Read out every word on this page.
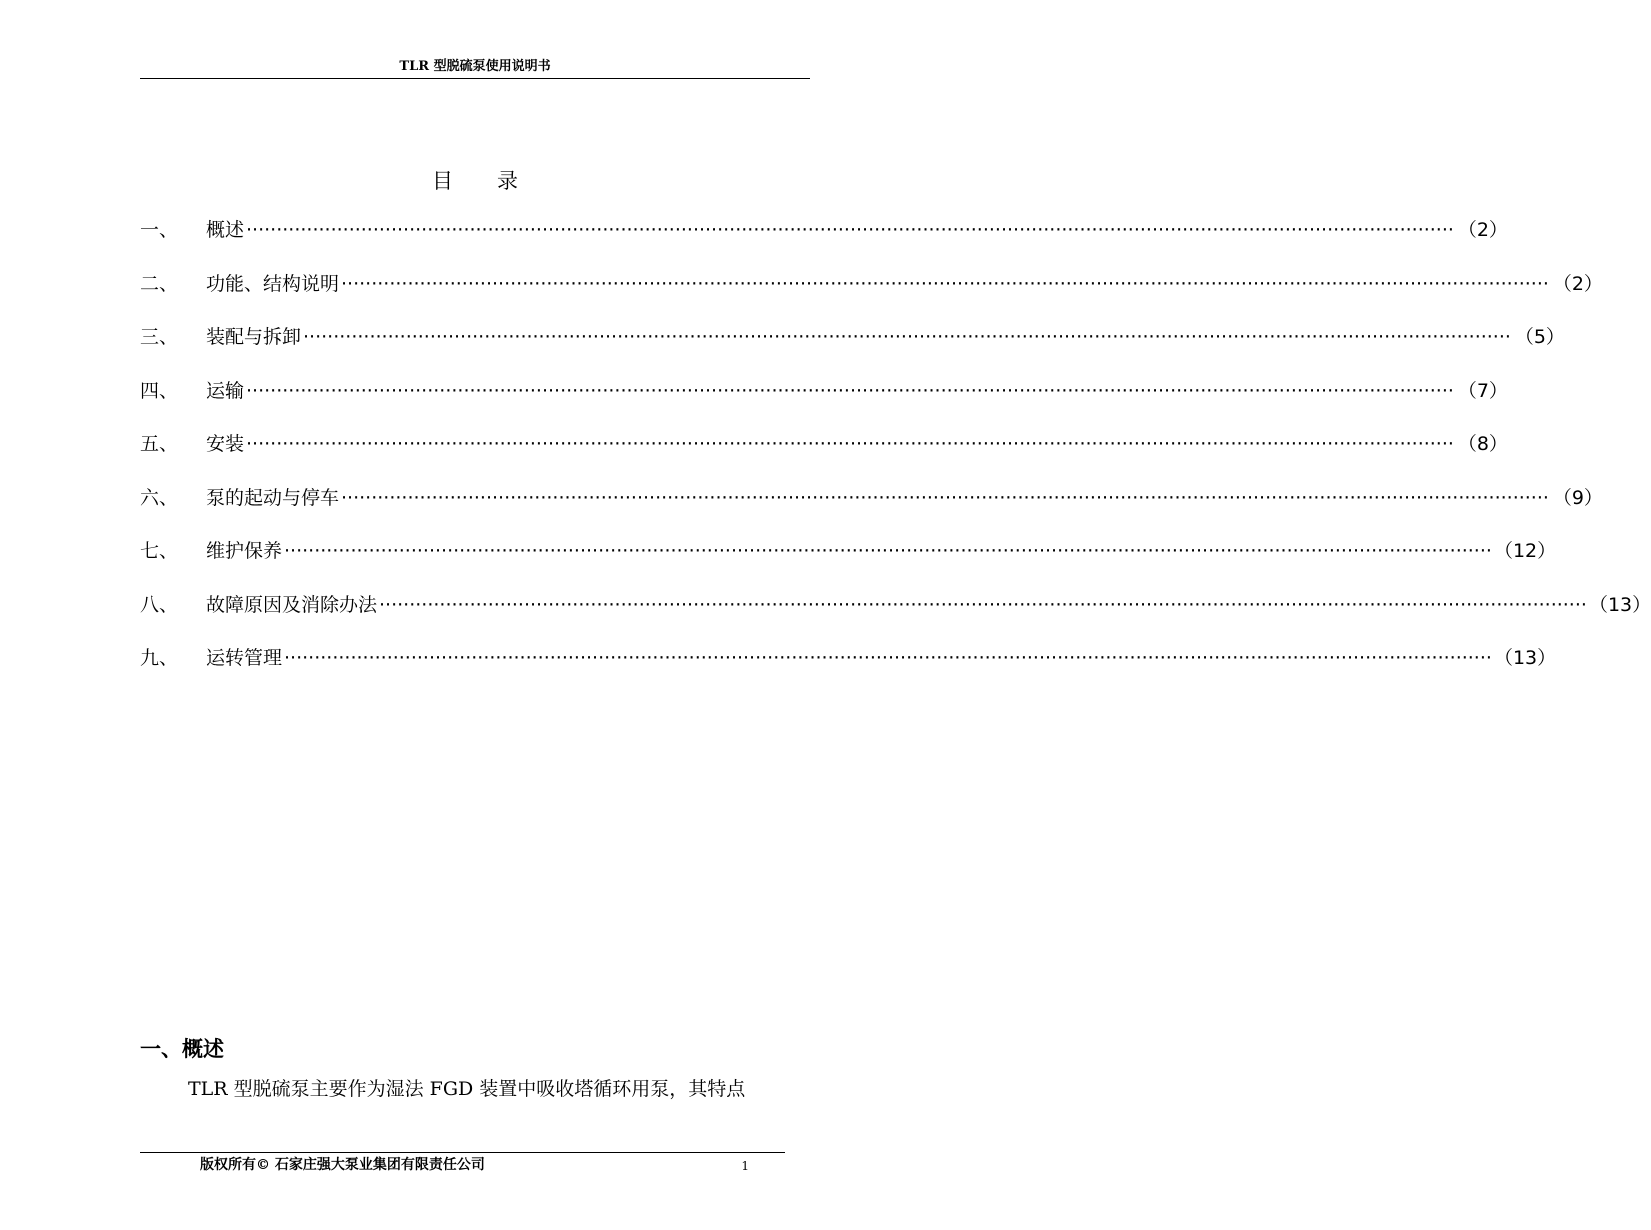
TLR 型脱硫泵使用说明书
目录
一、	概述 ········································································································································································································ （2）
二、	功能、结构说明 ········································································································································································································ （2）
三、	装配与拆卸 ········································································································································································································ （5）
四、	运输 ········································································································································································································ （7）
五、	安装 ········································································································································································································ （8）
六、	泵的起动与停车 ········································································································································································································ （9）
七、	维护保养 ········································································································································································································ （12）
八、	故障原因及消除办法 ········································································································································································································ （13）
九、	运转管理 ········································································································································································································ （13）
一、概述
TLR 型脱硫泵主要作为湿法 FGD 装置中吸收塔循环用泵，其特点
版权所有© 石家庄强大泵业集团有限责任公司	1
